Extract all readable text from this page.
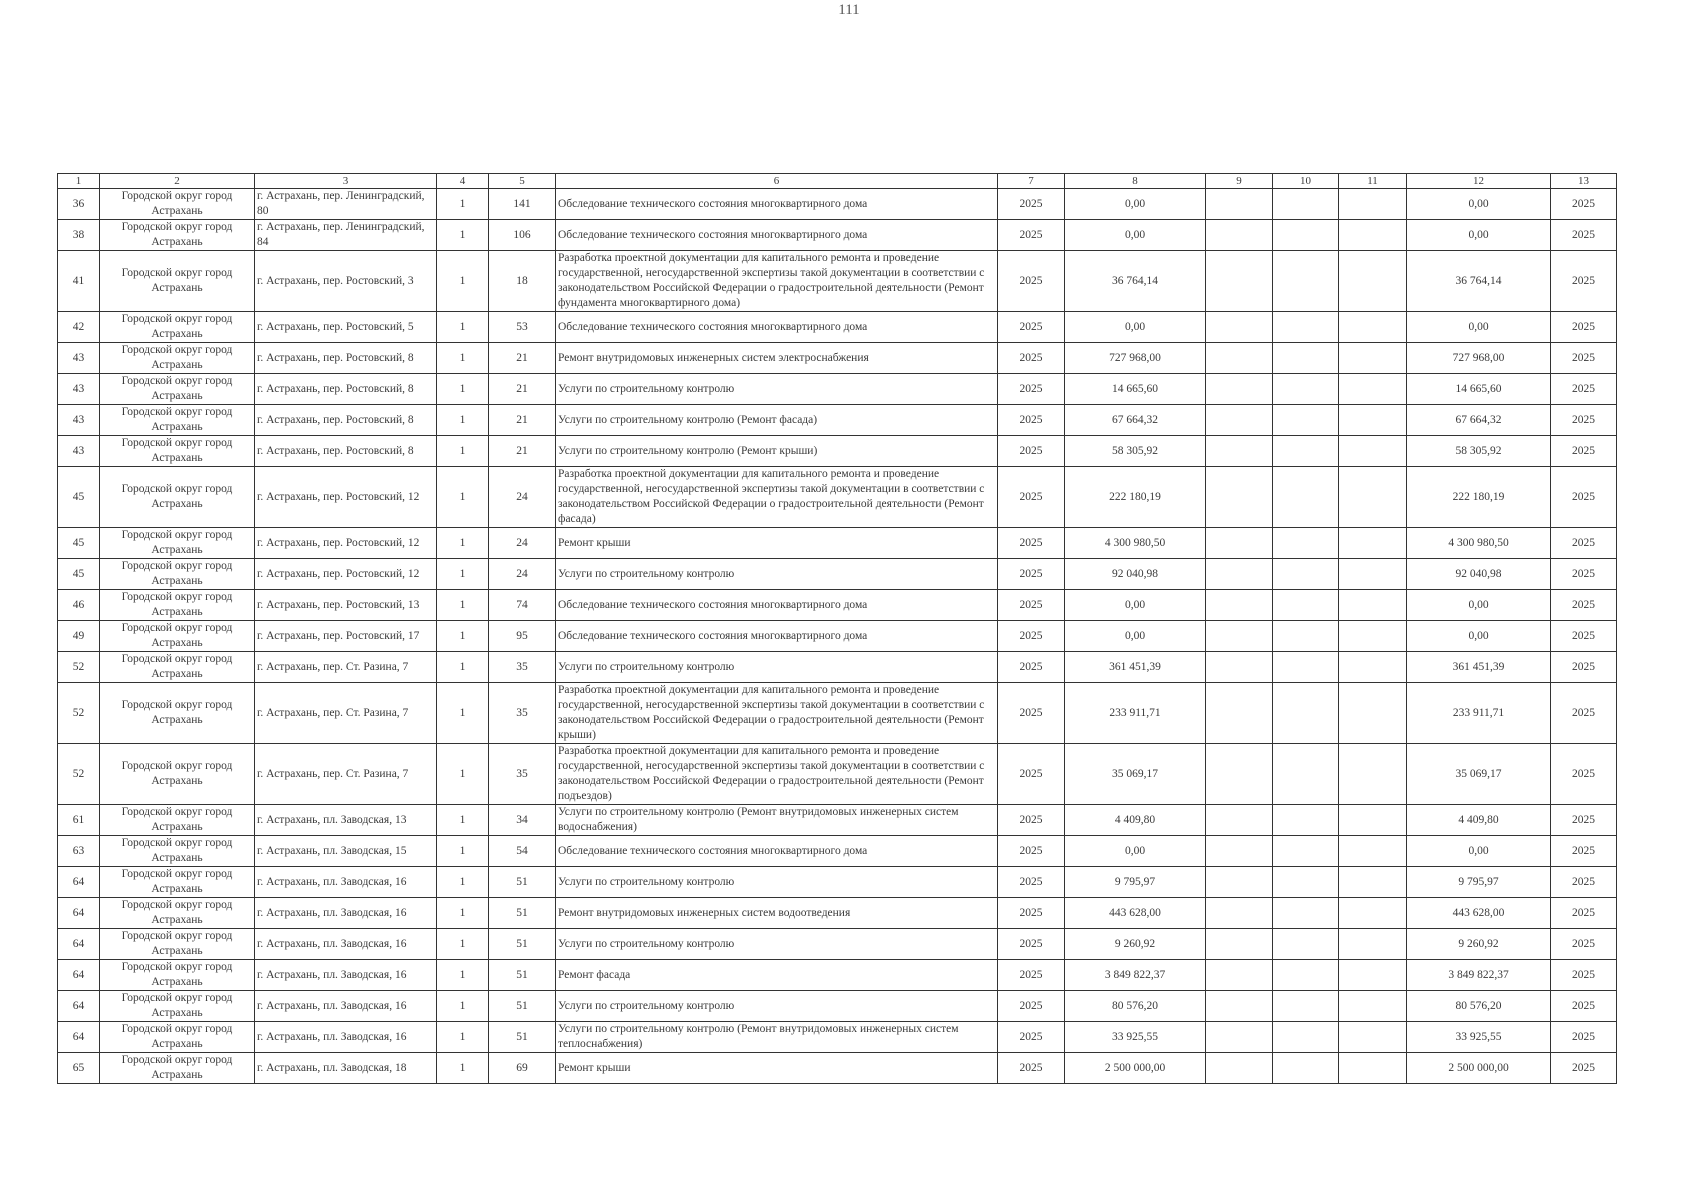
111
1	2	3	4	5	6	7	8	9	10	11	12	13
36	Городской округ город Астрахань	г. Астрахань, пер. Ленинградский, 80	1	141	Обследование технического состояния многоквартирного дома	2025	0,00				0,00	2025
38	Городской округ город Астрахань	г. Астрахань, пер. Ленинградский, 84	1	106	Обследование технического состояния многоквартирного дома	2025	0,00				0,00	2025
41	Городской округ город Астрахань	г. Астрахань, пер. Ростовский, 3	1	18	Разработка проектной документации для капитального ремонта и проведение государственной, негосударственной экспертизы такой документации в соответствии с законодательством Российской Федерации о градостроительной деятельности (Ремонт фундамента многоквартирного дома)	2025	36 764,14				36 764,14	2025
42	Городской округ город Астрахань	г. Астрахань, пер. Ростовский, 5	1	53	Обследование технического состояния многоквартирного дома	2025	0,00				0,00	2025
43	Городской округ город Астрахань	г. Астрахань, пер. Ростовский, 8	1	21	Ремонт внутридомовых инженерных систем электроснабжения	2025	727 968,00				727 968,00	2025
43	Городской округ город Астрахань	г. Астрахань, пер. Ростовский, 8	1	21	Услуги по строительному контролю	2025	14 665,60				14 665,60	2025
43	Городской округ город Астрахань	г. Астрахань, пер. Ростовский, 8	1	21	Услуги по строительному контролю (Ремонт фасада)	2025	67 664,32				67 664,32	2025
43	Городской округ город Астрахань	г. Астрахань, пер. Ростовский, 8	1	21	Услуги по строительному контролю (Ремонт крыши)	2025	58 305,92				58 305,92	2025
45	Городской округ город Астрахань	г. Астрахань, пер. Ростовский, 12	1	24	Разработка проектной документации для капитального ремонта и проведение государственной, негосударственной экспертизы такой документации в соответствии с законодательством Российской Федерации о градостроительной деятельности (Ремонт фасада)	2025	222 180,19				222 180,19	2025
45	Городской округ город Астрахань	г. Астрахань, пер. Ростовский, 12	1	24	Ремонт крыши	2025	4 300 980,50				4 300 980,50	2025
45	Городской округ город Астрахань	г. Астрахань, пер. Ростовский, 12	1	24	Услуги по строительному контролю	2025	92 040,98				92 040,98	2025
46	Городской округ город Астрахань	г. Астрахань, пер. Ростовский, 13	1	74	Обследование технического состояния многоквартирного дома	2025	0,00				0,00	2025
49	Городской округ город Астрахань	г. Астрахань, пер. Ростовский, 17	1	95	Обследование технического состояния многоквартирного дома	2025	0,00				0,00	2025
52	Городской округ город Астрахань	г. Астрахань, пер. Ст. Разина, 7	1	35	Услуги по строительному контролю	2025	361 451,39				361 451,39	2025
52	Городской округ город Астрахань	г. Астрахань, пер. Ст. Разина, 7	1	35	Разработка проектной документации для капитального ремонта и проведение государственной, негосударственной экспертизы такой документации в соответствии с законодательством Российской Федерации о градостроительной деятельности (Ремонт крыши)	2025	233 911,71				233 911,71	2025
52	Городской округ город Астрахань	г. Астрахань, пер. Ст. Разина, 7	1	35	Разработка проектной документации для капитального ремонта и проведение государственной, негосударственной экспертизы такой документации в соответствии с законодательством Российской Федерации о градостроительной деятельности (Ремонт подъездов)	2025	35 069,17				35 069,17	2025
61	Городской округ город Астрахань	г. Астрахань, пл. Заводская, 13	1	34	Услуги по строительному контролю (Ремонт внутридомовых инженерных систем водоснабжения)	2025	4 409,80				4 409,80	2025
63	Городской округ город Астрахань	г. Астрахань, пл. Заводская, 15	1	54	Обследование технического состояния многоквартирного дома	2025	0,00				0,00	2025
64	Городской округ город Астрахань	г. Астрахань, пл. Заводская, 16	1	51	Услуги по строительному контролю	2025	9 795,97				9 795,97	2025
64	Городской округ город Астрахань	г. Астрахань, пл. Заводская, 16	1	51	Ремонт внутридомовых инженерных систем водоотведения	2025	443 628,00				443 628,00	2025
64	Городской округ город Астрахань	г. Астрахань, пл. Заводская, 16	1	51	Услуги по строительному контролю	2025	9 260,92				9 260,92	2025
64	Городской округ город Астрахань	г. Астрахань, пл. Заводская, 16	1	51	Ремонт фасада	2025	3 849 822,37				3 849 822,37	2025
64	Городской округ город Астрахань	г. Астрахань, пл. Заводская, 16	1	51	Услуги по строительному контролю	2025	80 576,20				80 576,20	2025
64	Городской округ город Астрахань	г. Астрахань, пл. Заводская, 16	1	51	Услуги по строительному контролю (Ремонт внутридомовых инженерных систем теплоснабжения)	2025	33 925,55				33 925,55	2025
65	Городской округ город Астрахань	г. Астрахань, пл. Заводская, 18	1	69	Ремонт крыши	2025	2 500 000,00				2 500 000,00	2025
